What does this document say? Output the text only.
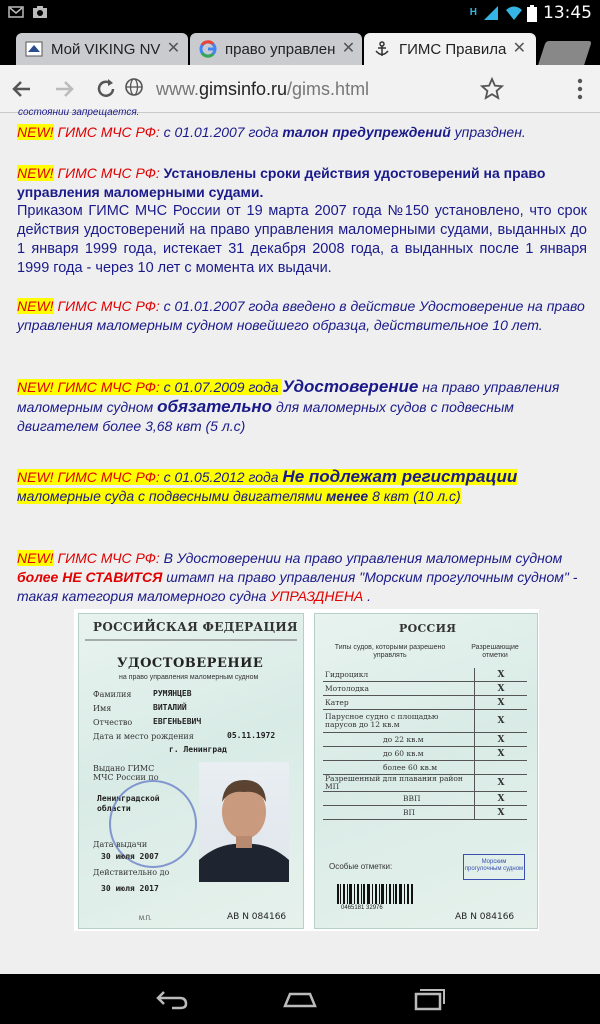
H	13:45
Мой VIKING NV ✕	право управлен ✕	ГИМС Правила ✕
www.gimsinfo.ru/gims.html
состоянии запрещается.
NEW! ГИМС МЧС РФ: с 01.01.2007 года талон предупреждений упразднен.
NEW! ГИМС МЧС РФ: Установлены сроки действия удостоверений на право управления маломерными судами.
Приказом ГИМС МЧС России от 19 марта 2007 года №150 установлено, что срок действия удостоверений на право управления маломерными судами, выданных до 1 января 1999 года, истекает 31 декабря 2008 года, а выданных после 1 января 1999 года - через 10 лет с момента их выдачи.
NEW! ГИМС МЧС РФ: с 01.01.2007 года введено в действие Удостоверение на право управления маломерным судном новейшего образца, действительное 10 лет.
NEW! ГИМС МЧС РФ: с 01.07.2009 года Удостоверение на право управления маломерным судном обязательно для маломерных судов с подвесным двигателем более 3,68 квт (5 л.с)
NEW! ГИМС МЧС РФ: с 01.05.2012 года Не подлежат регистрации
маломерные суда с подвесными двигателями менее 8 квт (10 л.с)
NEW! ГИМС МЧС РФ: В Удостоверении на право управления маломерным судном более НЕ СТАВИТСЯ штамп на право управления "Морским прогулочным судном" - такая категория маломерного судна УПРАЗДНЕНА .
РОССИЙСКАЯ ФЕДЕРАЦИЯ
УДОСТОВЕРЕНИЕ
на право управления маломерным судном
Фамилия	РУМЯНЦЕВ
Имя	ВИТАЛИЙ
Отчество	ЕВГЕНЬЕВИЧ
Дата и место рождения	05.11.1972
г. Ленинград
Выдано ГИМС МЧС России по
Ленинградской области
Дата выдачи
30 июля 2007
Действительно до
30 июля 2017
М.П.	AB N 084166
РОССИЯ
Типы судов, которыми разрешено управлять
Разрешающие отметки
Гидроцикл	X
Мотолодка	X
Катер	X
Парусное судно с площадью парусов до 12 кв.м	X
до 22 кв.м	X
до 60 кв.м	X
более 60 кв.м	
Разрешенный для плавания район МП	X
ВВП	X
ВП	X
Особые отметки:	Морским прогулочным судном
0465181 32976
AB N 084166
